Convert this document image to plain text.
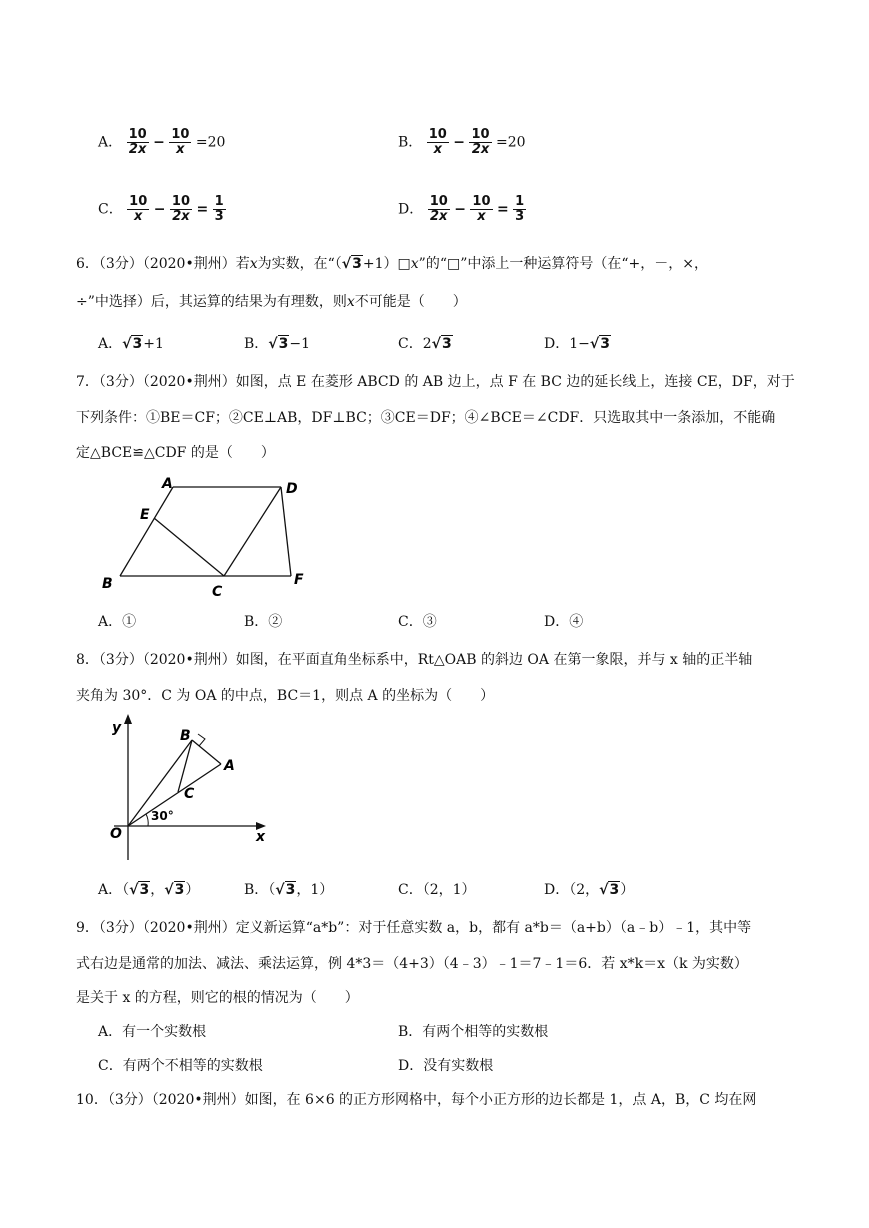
A． $\frac{10}{2x} - \frac{10}{x} =20$	B． $\frac{10}{x} - \frac{10}{2x} =20$
C． $\frac{10}{x} - \frac{10}{2x} = \frac{1}{3}$	D． $\frac{10}{2x} - \frac{10}{x} = \frac{1}{3}$
6．（3分）（2020•荆州）若x为实数，在“（√3+1）□x”的“□”中添上一种运算符号（在“+，－，×，
÷”中选择）后，其运算的结果为有理数，则x不可能是（　　）
A．√3+1	B．√3−1	C．2√3	D．1−√3
7．（3分）（2020•荆州）如图，点 E 在菱形 ABCD 的 AB 边上，点 F 在 BC 边的延长线上，连接 CE，DF，对于
下列条件：①BE＝CF；②CE⊥AB，DF⊥BC；③CE＝DF；④∠BCE＝∠CDF．只选取其中一条添加，不能确
定△BCE≌△CDF 的是（　　）
A	D
E
B	C
F
A．①	B．②	C．③	D．④
8．（3分）（2020•荆州）如图，在平面直角坐标系中，Rt△OAB 的斜边 OA 在第一象限，并与 x 轴的正半轴
夹角为 30°．C 为 OA 的中点，BC＝1，则点 A 的坐标为（　　）
y
x
O
B
A
C
30°
A．（√3，√3）	B．（√3，1）	C．（2，1）	D．（2，√3）
9．（3分）（2020•荆州）定义新运算“a*b”：对于任意实数 a，b，都有 a*b＝（a+b）（a﹣b）﹣1，其中等
式右边是通常的加法、减法、乘法运算，例 4*3＝（4+3）（4﹣3）﹣1＝7﹣1＝6．若 x*k＝x（k 为实数）
是关于 x 的方程，则它的根的情况为（　　）
A．有一个实数根	B．有两个相等的实数根
C．有两个不相等的实数根	D．没有实数根
10．（3分）（2020•荆州）如图，在 6×6 的正方形网格中，每个小正方形的边长都是 1，点 A，B，C 均在网
